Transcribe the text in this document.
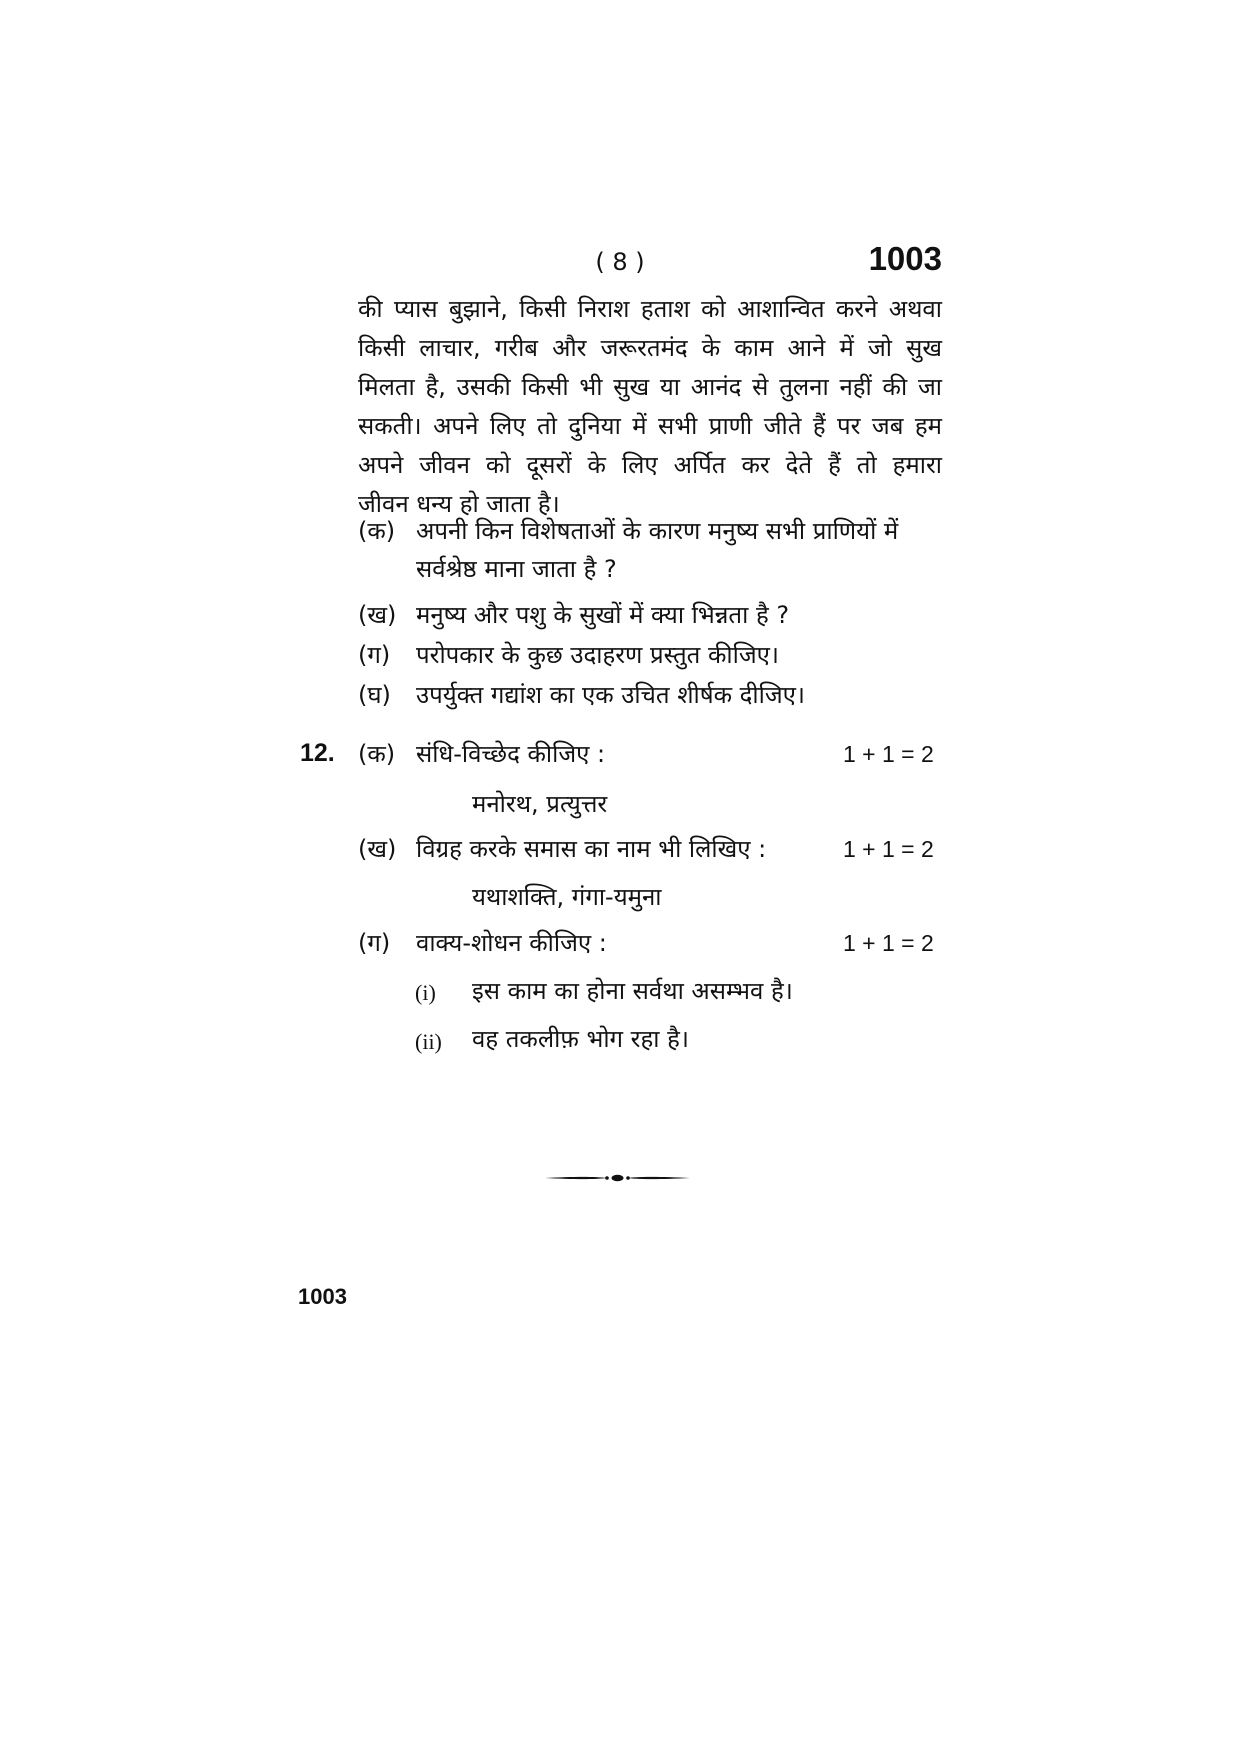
( 8 )	1003
की प्यास बुझाने, किसी निराश हताश को आशान्वित करने अथवा
किसी लाचार, गरीब और जरूरतमंद के काम आने में जो सुख
मिलता है, उसकी किसी भी सुख या आनंद से तुलना नहीं की जा
सकती। अपने लिए तो दुनिया में सभी प्राणी जीते हैं पर जब हम
अपने जीवन को दूसरों के लिए अर्पित कर देते हैं तो हमारा
जीवन धन्य हो जाता है।
(क) अपनी किन विशेषताओं के कारण मनुष्य सभी प्राणियों में
सर्वश्रेष्ठ माना जाता है ?
(ख) मनुष्य और पशु के सुखों में क्या भिन्नता है ?
(ग) परोपकार के कुछ उदाहरण प्रस्तुत कीजिए।
(घ) उपर्युक्त गद्यांश का एक उचित शीर्षक दीजिए।
12. (क) संधि-विच्छेद कीजिए :	1 + 1 = 2
मनोरथ, प्रत्युत्तर
(ख) विग्रह करके समास का नाम भी लिखिए :	1 + 1 = 2
यथाशक्ति, गंगा-यमुना
(ग) वाक्य-शोधन कीजिए :	1 + 1 = 2
(i) इस काम का होना सर्वथा असम्भव है।
(ii) वह तकलीफ़ भोग रहा है।
1003
